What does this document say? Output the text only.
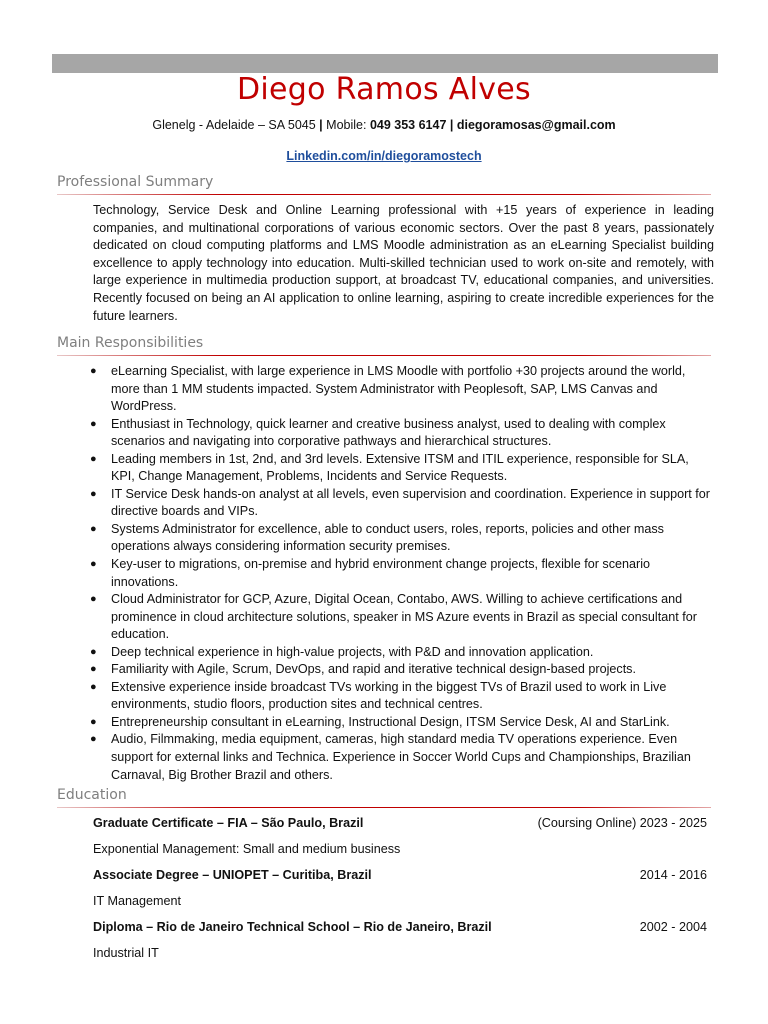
Diego Ramos Alves
Glenelg - Adelaide – SA 5045 | Mobile: 049 353 6147 | diegoramosas@gmail.com
Linkedin.com/in/diegoramostech
Professional Summary

Technology, Service Desk and Online Learning professional with +15 years of experience in leading companies, and multinational corporations of various economic sectors. Over the past 8 years, passionately dedicated on cloud computing platforms and LMS Moodle administration as an eLearning Specialist building excellence to apply technology into education. Multi-skilled technician used to work on-site and remotely, with large experience in multimedia production support, at broadcast TV, educational companies, and universities. Recently focused on being an AI application to online learning, aspiring to create incredible experiences for the future learners.

Main Responsibilities
● eLearning Specialist, with large experience in LMS Moodle with portfolio +30 projects around the world, more than 1 MM students impacted. System Administrator with Peoplesoft, SAP, LMS Canvas and WordPress.
● Enthusiast in Technology, quick learner and creative business analyst, used to dealing with complex scenarios and navigating into corporative pathways and hierarchical structures.
● Leading members in 1st, 2nd, and 3rd levels. Extensive ITSM and ITIL experience, responsible for SLA, KPI, Change Management, Problems, Incidents and Service Requests.
● IT Service Desk hands-on analyst at all levels, even supervision and coordination. Experience in support for directive boards and VIPs.
● Systems Administrator for excellence, able to conduct users, roles, reports, policies and other mass operations always considering information security premises.
● Key-user to migrations, on-premise and hybrid environment change projects, flexible for scenario innovations.
● Cloud Administrator for GCP, Azure, Digital Ocean, Contabo, AWS. Willing to achieve certifications and prominence in cloud architecture solutions, speaker in MS Azure events in Brazil as special consultant for education.
● Deep technical experience in high-value projects, with P&D and innovation application.
● Familiarity with Agile, Scrum, DevOps, and rapid and iterative technical design-based projects.
● Extensive experience inside broadcast TVs working in the biggest TVs of Brazil used to work in Live environments, studio floors, production sites and technical centres.
● Entrepreneurship consultant in eLearning, Instructional Design, ITSM Service Desk, AI and StarLink.
● Audio, Filmmaking, media equipment, cameras, high standard media TV operations experience. Even support for external links and Technica. Experience in Soccer World Cups and Championships, Brazilian Carnaval, Big Brother Brazil and others.
Education
Graduate Certificate – FIA – São Paulo, Brazil	(Coursing Online) 2023 - 2025
Exponential Management: Small and medium business
Associate Degree – UNIOPET – Curitiba, Brazil	2014 - 2016
IT Management
Diploma – Rio de Janeiro Technical School – Rio de Janeiro, Brazil	2002 - 2004
Industrial IT
